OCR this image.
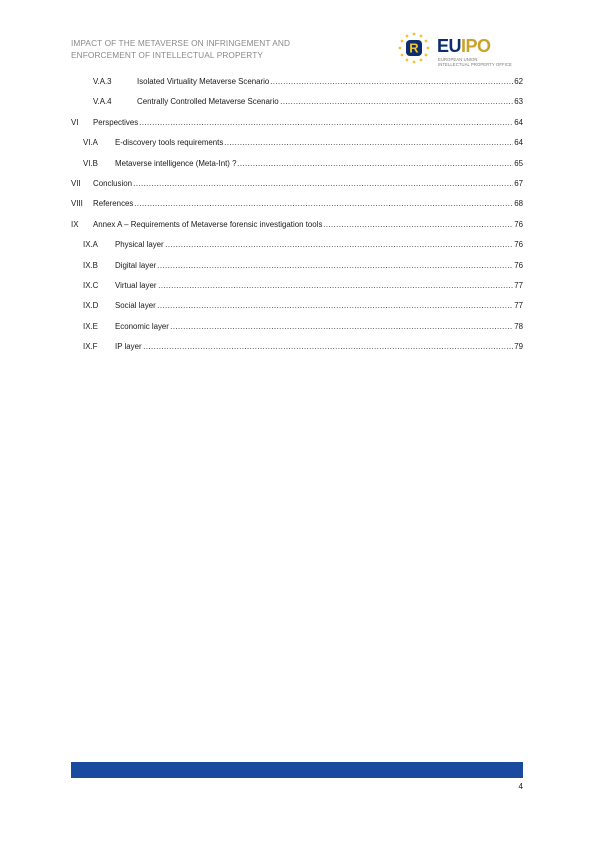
IMPACT OF THE METAVERSE ON INFRINGEMENT AND
ENFORCEMENT OF INTELLECTUAL PROPERTY	R EUIPO
EUROPEAN UNION
INTELLECTUAL PROPERTY OFFICE
V.A.3	Isolated Virtuality Metaverse Scenario	62
V.A.4	Centrally Controlled Metaverse Scenario	63
VI	Perspectives	64
VI.A	E-discovery tools requirements	64
VI.B	Metaverse intelligence (Meta-Int) ?	65
VII	Conclusion	67
VIII	References	68
IX	Annex A – Requirements of Metaverse forensic investigation tools	76
IX.A	Physical layer	76
IX.B	Digital layer	76
IX.C	Virtual layer	77
IX.D	Social layer	77
IX.E	Economic layer	78
IX.F	IP layer	79
4
